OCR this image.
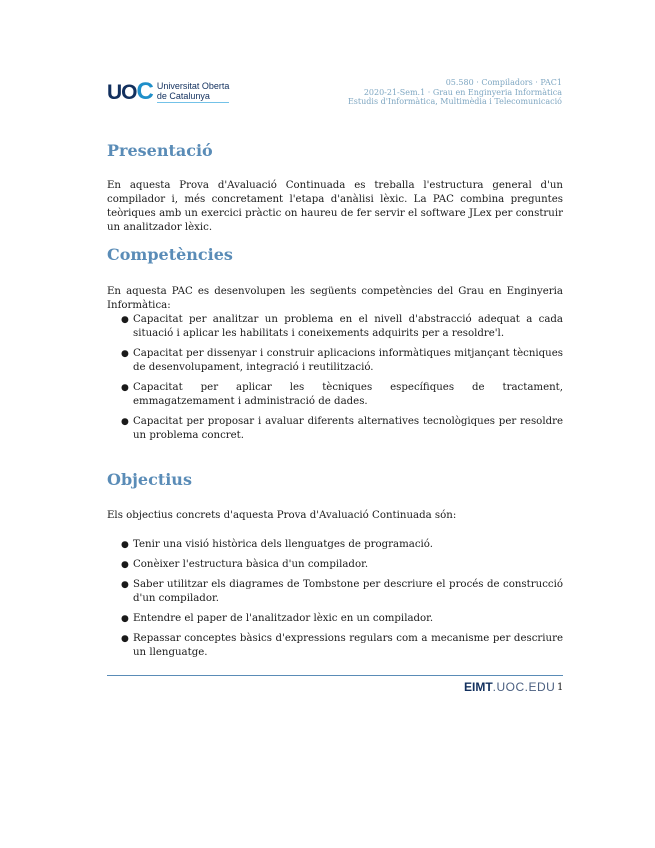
UOC Universitat Oberta
de Catalunya
05.580 · Compiladors · PAC1
2020-21-Sem.1 · Grau en Enginyeria Informàtica
Estudis d'Informàtica, Multimèdia i Telecomunicació
Presentació

En aquesta Prova d'Avaluació Continuada es treballa l'estructura general d'un compilador i, més concretament l'etapa d'anàlisi lèxic. La PAC combina preguntes teòriques amb un exercici pràctic on haureu de fer servir el software JLex per construir un analitzador lèxic.

Competències

En aquesta PAC es desenvolupen les següents competències del Grau en Enginyeria Informàtica:

● Capacitat per analitzar un problema en el nivell d'abstracció adequat a cada situació i aplicar les habilitats i coneixements adquirits per a resoldre'l.
● Capacitat per dissenyar i construir aplicacions informàtiques mitjançant tècniques de desenvolupament, integració i reutilització.
● Capacitat per aplicar les tècniques específiques de tractament, emmagatzemament i administració de dades.
● Capacitat per proposar i avaluar diferents alternatives tecnològiques per resoldre un problema concret.
Objectius

Els objectius concrets d'aquesta Prova d'Avaluació Continuada són:

● Tenir una visió històrica dels llenguatges de programació.
● Conèixer l'estructura bàsica d'un compilador.
● Saber utilitzar els diagrames de Tombstone per descriure el procés de construcció d'un compilador.
● Entendre el paper de l'analitzador lèxic en un compilador.
● Repassar conceptes bàsics d'expressions regulars com a mecanisme per descriure un llenguatge.
EIMT.UOC.EDU 1
